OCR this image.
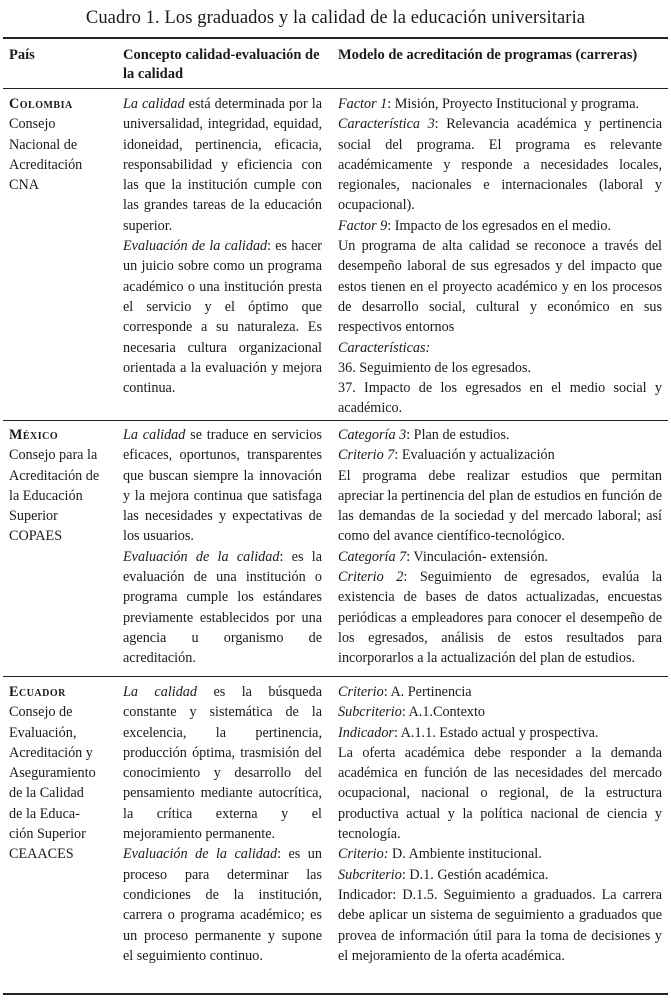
Cuadro 1. Los graduados y la calidad de la educación universitaria
País	Concepto calidad-evaluación de la calidad
Modelo de acreditación de programas (carreras)
Colombia
Consejo
Nacional de
Acreditación
CNA

La calidad está determinada por la universalidad, integridad, equidad, idoneidad, pertinencia, eficacia, responsabilidad y eficiencia con las que la institución cumple con las grandes tareas de la educación superior.

Evaluación de la calidad: es hacer un juicio sobre como un programa académico o una institución presta el servicio y el óptimo que corresponde a su naturaleza. Es necesaria cultura organizacional orientada a la evaluación y mejora continua.

Factor 1: Misión, Proyecto Institucional y programa.

Característica 3: Relevancia académica y pertinencia social del programa. El programa es relevante académicamente y responde a necesidades locales, regionales, nacionales e internacionales (laboral y ocupacional).

Factor 9: Impacto de los egresados en el medio.

Un programa de alta calidad se reconoce a través del desempeño laboral de sus egresados y del impacto que estos tienen en el proyecto académico y en los procesos de desarrollo social, cultural y económico en sus respectivos entornos

Características:

36. Seguimiento de los egresados.

37. Impacto de los egresados en el medio social y académico.

México
Consejo para la
Acreditación de
la Educación
Superior
COPAES

La calidad se traduce en servicios eficaces, oportunos, transparentes que buscan siempre la innovación y la mejora continua que satisfaga las necesidades y expectativas de los usuarios.

Evaluación de la calidad: es la evaluación de una institución o programa cumple los estándares previamente establecidos por una agencia u organismo de acreditación.

Categoría 3: Plan de estudios.

Criterio 7: Evaluación y actualización

El programa debe realizar estudios que permitan apreciar la pertinencia del plan de estudios en función de las demandas de la sociedad y del mercado laboral; así como del avance científico-tecnológico.

Categoría 7: Vinculación- extensión.

Criterio 2: Seguimiento de egresados, evalúa la existencia de bases de datos actualizadas, encuestas periódicas a empleadores para conocer el desempeño de los egresados, análisis de estos resultados para incorporarlos a la actualización del plan de estudios.

Ecuador
Consejo de
Evaluación,
Acreditación y
Aseguramiento
de la Calidad
de la Educa-
ción Superior
CEAACES

La calidad es la búsqueda constante y sistemática de la excelencia, la pertinencia, producción óptima, trasmisión del conocimiento y desarrollo del pensamiento mediante autocrítica, la crítica externa y el mejoramiento permanente.

Evaluación de la calidad: es un proceso para determinar las condiciones de la institución, carrera o programa académico; es un proceso permanente y supone el seguimiento continuo.

Criterio: A. Pertinencia

Subcriterio: A.1.Contexto

Indicador: A.1.1. Estado actual y prospectiva.

La oferta académica debe responder a la demanda académica en función de las necesidades del mercado ocupacional, nacional o regional, de la estructura productiva actual y la política nacional de ciencia y tecnología.

Criterio: D. Ambiente institucional.

Subcriterio: D.1. Gestión académica.

Indicador: D.1.5. Seguimiento a graduados. La carrera debe aplicar un sistema de seguimiento a graduados que provea de información útil para la toma de decisiones y el mejoramiento de la oferta académica.
